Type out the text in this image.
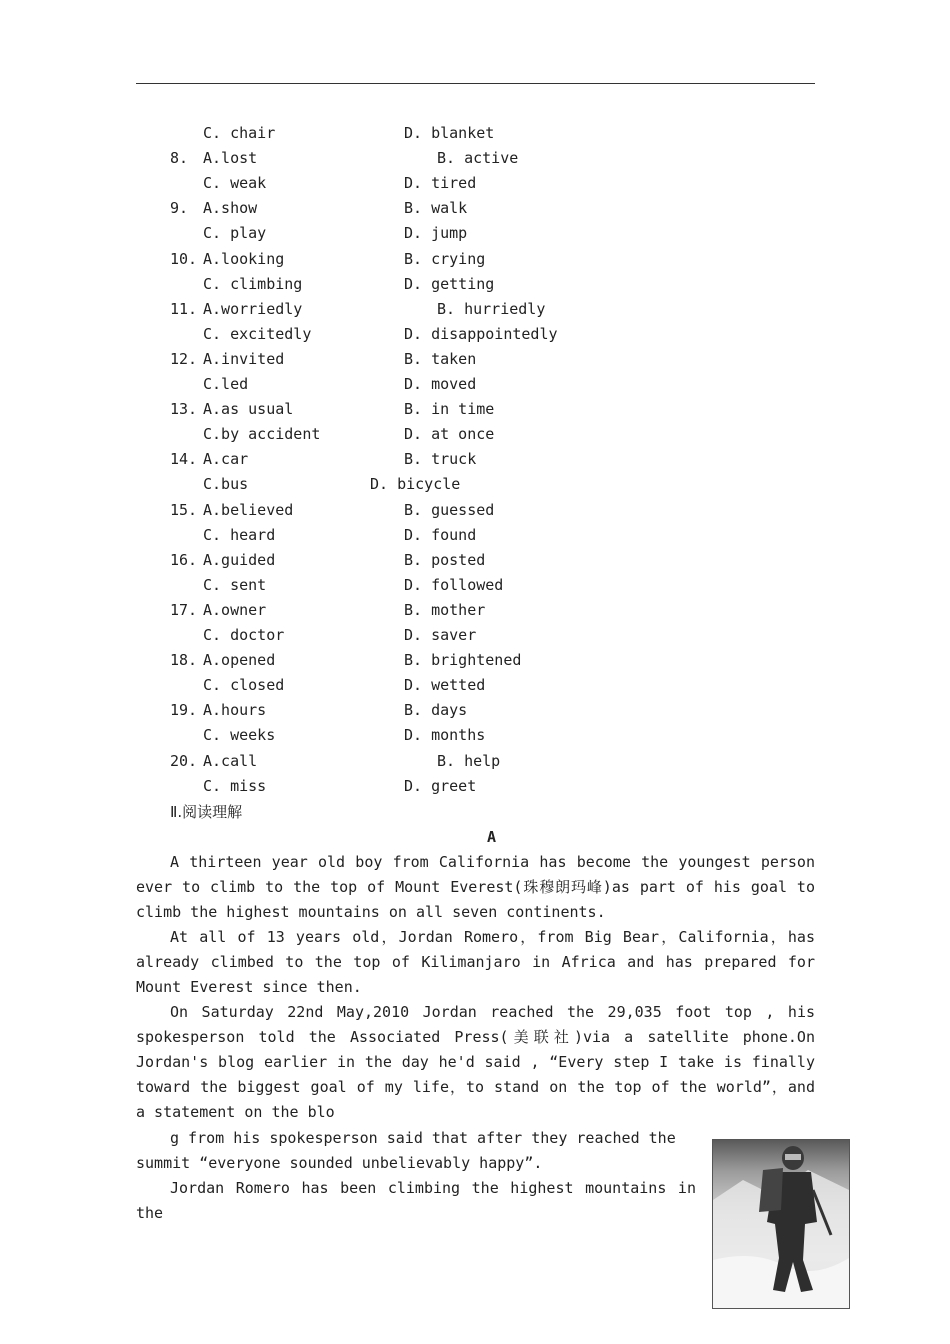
C. chair	D. blanket
8. A.lost	B. active
C. weak	D. tired
9. A.show	B. walk
C. play	D. jump
10. A.looking	B. crying
C. climbing	D. getting
11. A.worriedly	B. hurriedly
C. excitedly	D. disappointedly
12. A.invited	B. taken
C.led	D. moved
13. A.as usual	B. in time
C.by accident	D. at once
14. A.car	B. truck
C.bus	D. bicycle
15. A.believed	B. guessed
C. heard	D. found
16. A.guided	B. posted
C. sent	D. followed
17. A.owner	B. mother
C. doctor	D. saver
18. A.opened	B. brightened
C. closed	D. wetted
19. A.hours	B. days
C. weeks	D. months
20. A.call	B. help
C. miss	D. greet
Ⅱ.阅读理解
A
A thirteen year old boy from California has become the youngest person ever to climb to the top of Mount Everest(珠穆朗玛峰)as part of his goal to climb the highest mountains on all seven continents.
At all of 13 years old，Jordan Romero，from Big Bear，California，has already climbed to the top of Kilimanjaro in Africa and has prepared for Mount Everest since then.
On Saturday 22nd May,2010 Jordan reached the 29,035 foot top , his spokesperson told the Associated Press(美联社)via a satellite phone.On Jordan's blog earlier in the day he'd said , “Every step I take is finally toward the biggest goal of my life，to stand on the top of the world”，and a statement on the blo
g from his spokesperson said that after they reached the
summit “everyone sounded unbelievably happy”.
Jordan Romero has been climbing the highest mountains in the
